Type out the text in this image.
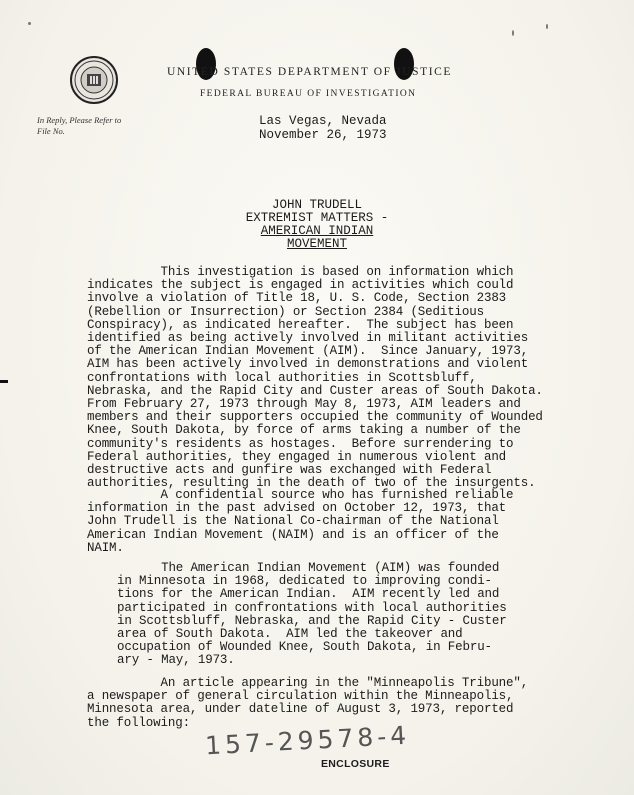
UNITED STATES DEPARTMENT OF JUSTICE
FEDERAL BUREAU OF INVESTIGATION
In Reply, Please Refer to
File No.
Las Vegas, Nevada
November 26, 1973
JOHN TRUDELL
EXTREMIST MATTERS -
AMERICAN INDIAN MOVEMENT
This investigation is based on information which
indicates the subject is engaged in activities which could
involve a violation of Title 18, U. S. Code, Section 2383
(Rebellion or Insurrection) or Section 2384 (Seditious
Conspiracy), as indicated hereafter.  The subject has been
identified as being actively involved in militant activities
of the American Indian Movement (AIM).  Since January, 1973,
AIM has been actively involved in demonstrations and violent
confrontations with local authorities in Scottsbluff,
Nebraska, and the Rapid City and Custer areas of South Dakota.
From February 27, 1973 through May 8, 1973, AIM leaders and
members and their supporters occupied the community of Wounded
Knee, South Dakota, by force of arms taking a number of the
community's residents as hostages.  Before surrendering to
Federal authorities, they engaged in numerous violent and
destructive acts and gunfire was exchanged with Federal
authorities, resulting in the death of two of the insurgents.
A confidential source who has furnished reliable
information in the past advised on October 12, 1973, that
John Trudell is the National Co-chairman of the National
American Indian Movement (NAIM) and is an officer of the
NAIM.
The American Indian Movement (AIM) was founded
in Minnesota in 1968, dedicated to improving condi-
tions for the American Indian.  AIM recently led and
participated in confrontations with local authorities
in Scottsbluff, Nebraska, and the Rapid City - Custer
area of South Dakota.  AIM led the takeover and
occupation of Wounded Knee, South Dakota, in Febru-
ary - May, 1973.
An article appearing in the "Minneapolis Tribune",
a newspaper of general circulation within the Minneapolis,
Minnesota area, under dateline of August 3, 1973, reported
the following: 157-29578-4
ENCLOSURE
